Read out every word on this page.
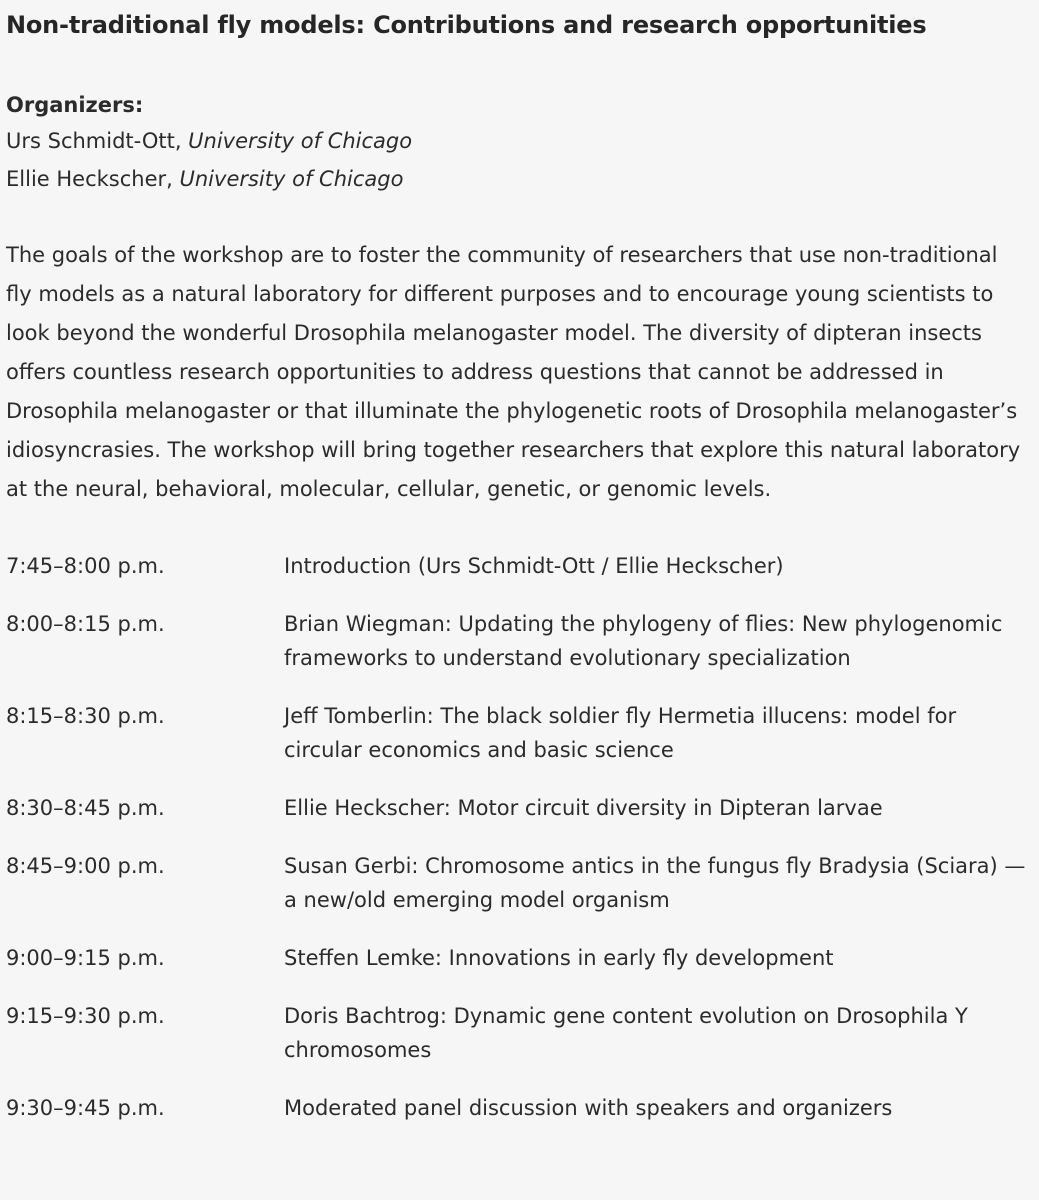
Non-traditional fly models: Contributions and research opportunities
Organizers:
Urs Schmidt-Ott, University of Chicago
Ellie Heckscher, University of Chicago

The goals of the workshop are to foster the community of researchers that use non-traditional fly models as a natural laboratory for different purposes and to encourage young scientists to look beyond the wonderful Drosophila melanogaster model. The diversity of dipteran insects offers countless research opportunities to address questions that cannot be addressed in Drosophila melanogaster or that illuminate the phylogenetic roots of Drosophila melanogaster’s idiosyncrasies. The workshop will bring together researchers that explore this natural laboratory at the neural, behavioral, molecular, cellular, genetic, or genomic levels.

7:45–8:00 p.m.	Introduction (Urs Schmidt-Ott / Ellie Heckscher)
8:00–8:15 p.m.	Brian Wiegman: Updating the phylogeny of flies: New phylogenomic frameworks to understand evolutionary specialization
8:15–8:30 p.m.	Jeff Tomberlin: The black soldier fly Hermetia illucens: model for circular economics and basic science
8:30–8:45 p.m.	Ellie Heckscher: Motor circuit diversity in Dipteran larvae
8:45–9:00 p.m.	Susan Gerbi: Chromosome antics in the fungus fly Bradysia (Sciara) — a new/old emerging model organism
9:00–9:15 p.m.	Steffen Lemke: Innovations in early fly development
9:15–9:30 p.m.	Doris Bachtrog: Dynamic gene content evolution on Drosophila Y chromosomes
9:30–9:45 p.m.	Moderated panel discussion with speakers and organizers
